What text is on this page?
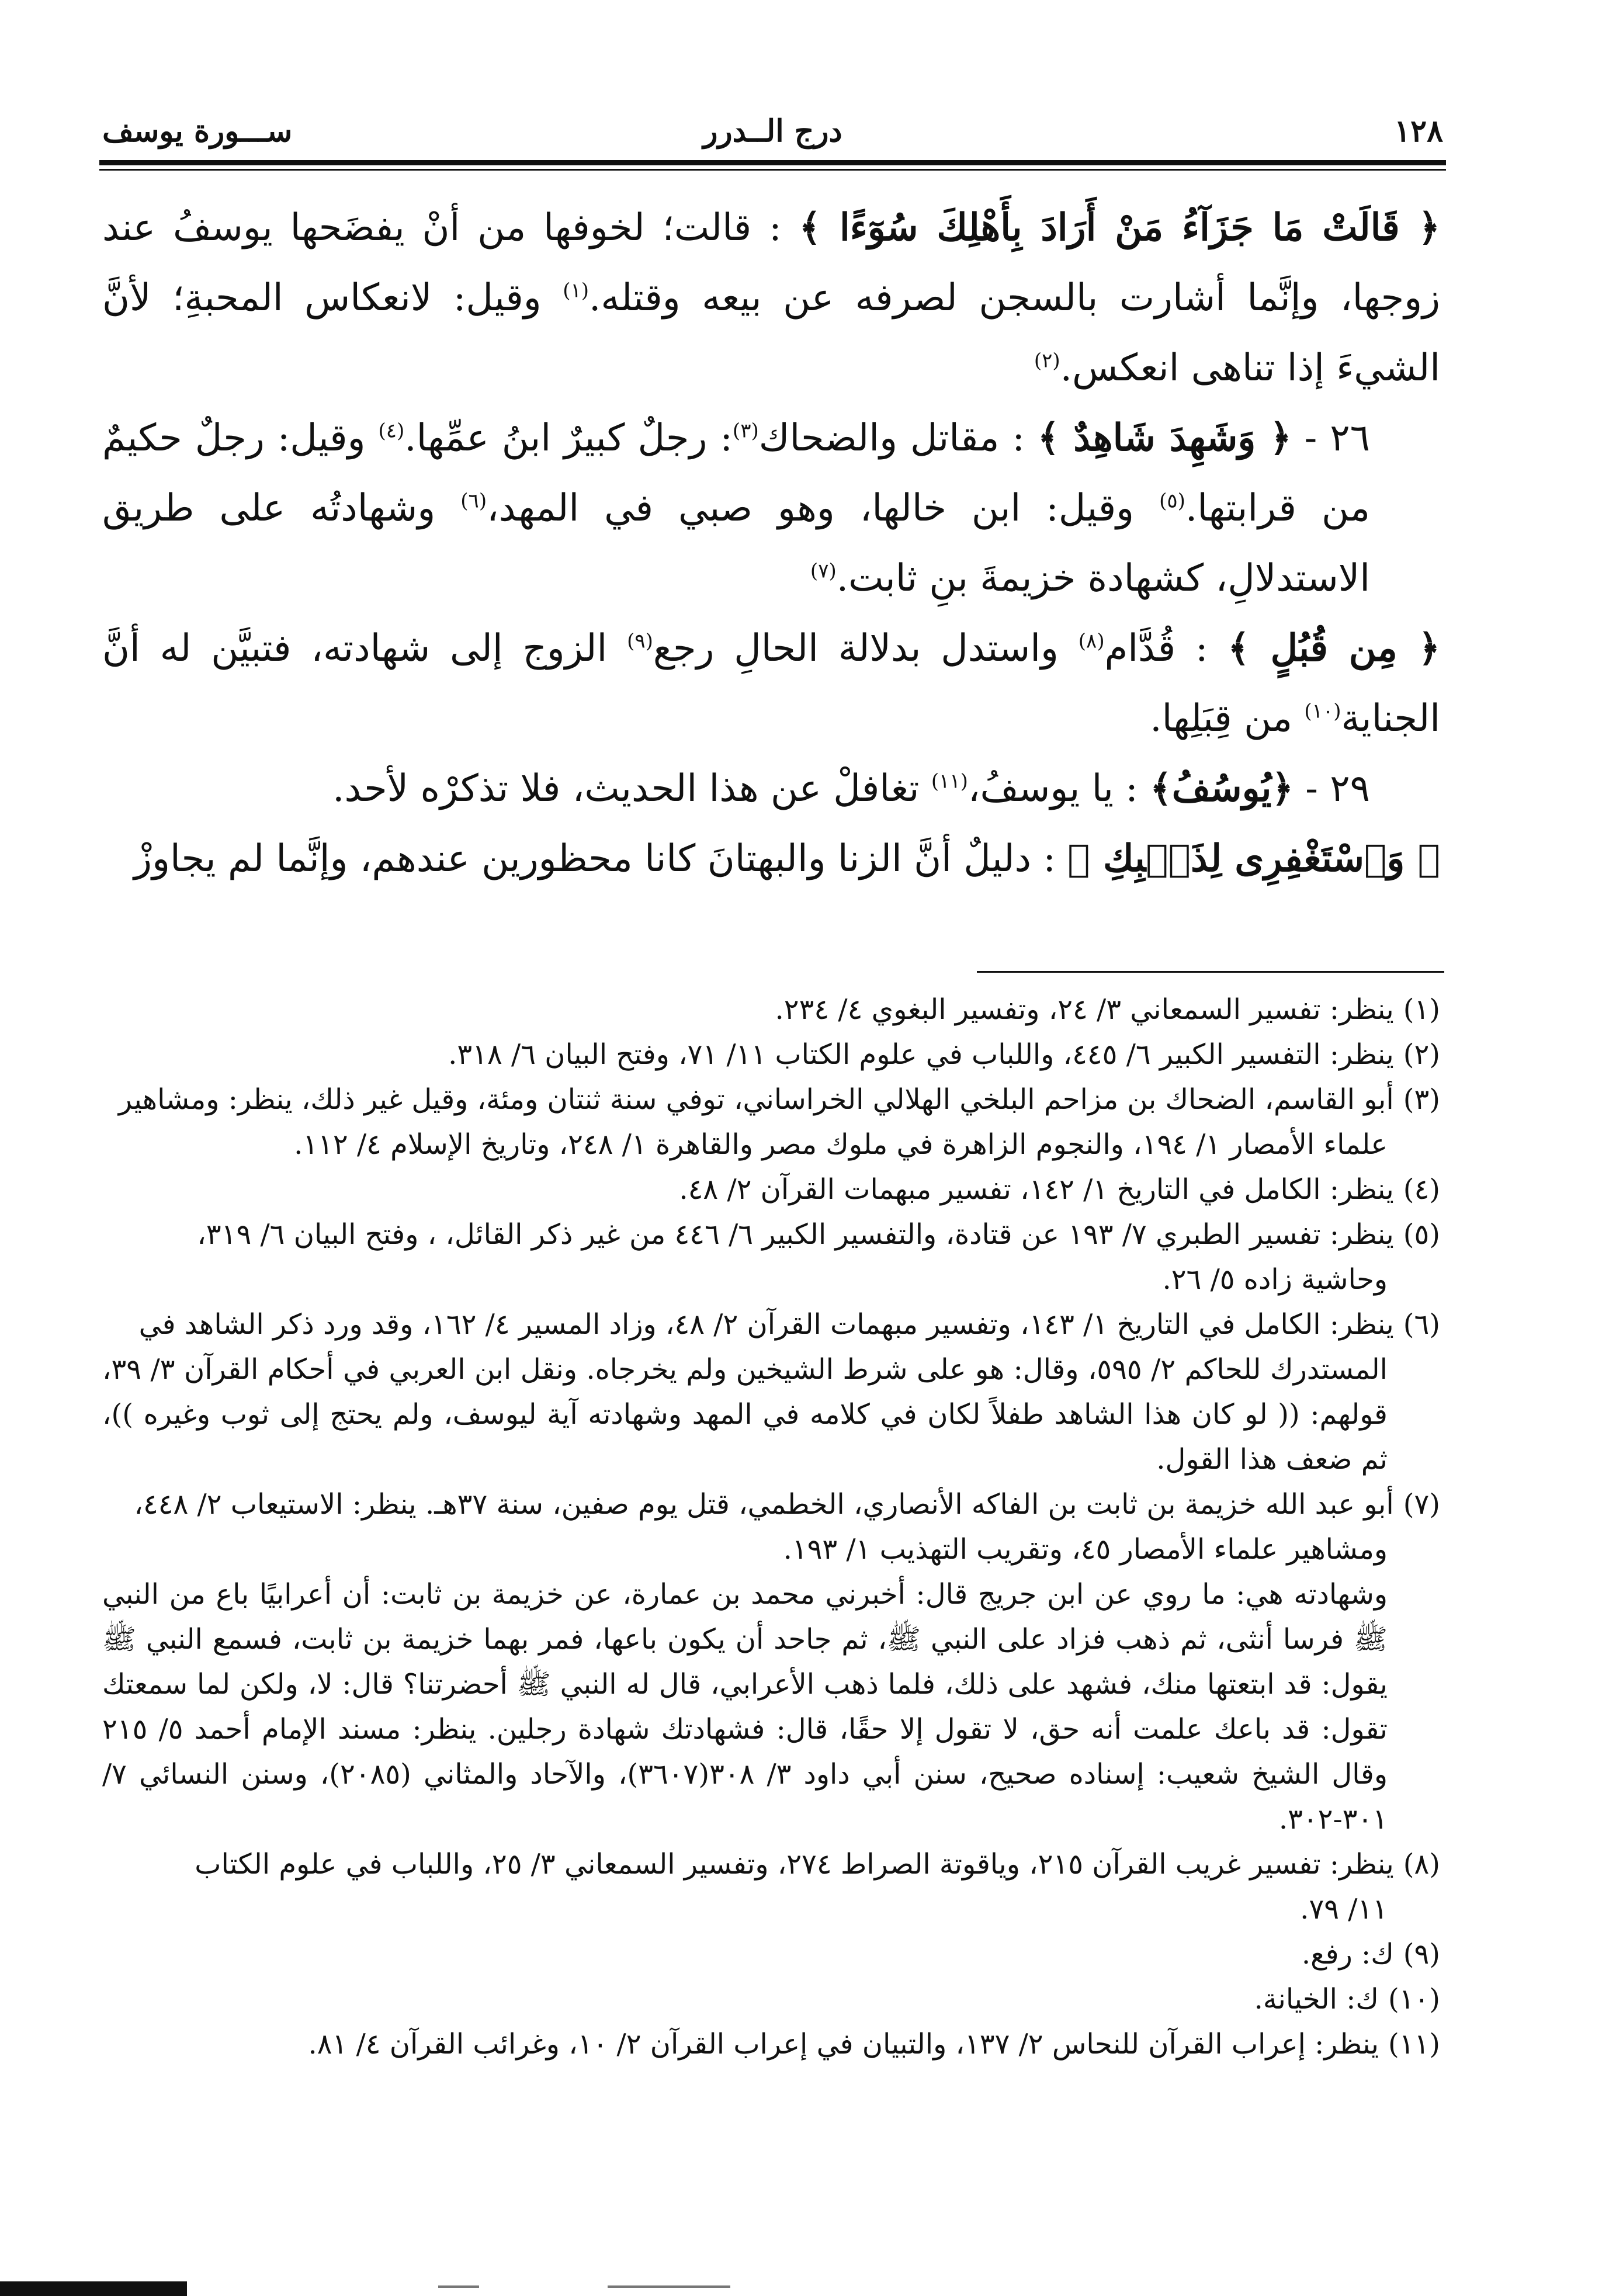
١٢٨
درج الــدرر
ســـورة يوسف

﴿ قَالَتْ مَا جَزَآءُ مَنْ أَرَادَ بِأَهْلِكَ سُوٓءًا ﴾ : قالت؛ لخوفها من أنْ يفضَحها يوسفُ عند زوجها، وإنَّما أشارت بالسجن لصرفه عن بيعه وقتله.$^{(١)}$ وقيل: لانعكاس المحبةِ؛ لأنَّ الشيءَ إذا تناهى انعكس.$^{(٢)}$

٢٦ - ﴿ وَشَهِدَ شَاهِدٌ ﴾ : مقاتل والضحاك$^{(٣)}$: رجلٌ كبيرٌ ابنُ عمِّها.$^{(٤)}$ وقيل: رجلٌ حكيمٌ من قرابتها.$^{(٥)}$ وقيل: ابن خالها، وهو صبي في المهد،$^{(٦)}$ وشهادتُه على طريق الاستدلالِ، كشهادة خزيمةَ بنِ ثابت.$^{(٧)}$

﴿ مِن قُبُلٍ ﴾ : قُدَّام$^{(٨)}$ واستدل بدلالة الحالِ رجع$^{(٩)}$ الزوج إلى شهادته، فتبيَّن له أنَّ الجناية$^{(١٠)}$ من قِبَلِها.

٢٩ - ﴿يُوسُفُ﴾ : يا يوسفُ،$^{(١١)}$ تغافلْ عن هذا الحديث، فلا تذكرْه لأحد.

﴿ وَٱسْتَغْفِرِى لِذَنۢبِكِ ﴾ : دليلٌ أنَّ الزنا والبهتانَ كانا محظورين عندهم، وإنَّما لم يجاوزْ

(١)ينظر: تفسير السمعاني ٣/ ٢٤، وتفسير البغوي ٤/ ٢٣٤.

(٢)ينظر: التفسير الكبير ٦/ ٤٤٥، واللباب في علوم الكتاب ١١/ ٧١، وفتح البيان ٦/ ٣١٨.

(٣)أبو القاسم، الضحاك بن مزاحم البلخي الهلالي الخراساني، توفي سنة ثنتان ومئة، وقيل غير ذلك، ينظر: ومشاهير
علماء الأمصار ١/ ١٩٤، والنجوم الزاهرة في ملوك مصر والقاهرة ١/ ٢٤٨، وتاريخ الإسلام ٤/ ١١٢.

(٤)ينظر: الكامل في التاريخ ١/ ١٤٢، تفسير مبهمات القرآن ٢/ ٤٨.

(٥)ينظر: تفسير الطبري ٧/ ١٩٣ عن قتادة، والتفسير الكبير ٦/ ٤٤٦ من غير ذكر القائل، ، وفتح البيان ٦/ ٣١٩،
وحاشية زاده ٥/ ٢٦.

(٦)ينظر: الكامل في التاريخ ١/ ١٤٣، وتفسير مبهمات القرآن ٢/ ٤٨، وزاد المسير ٤/ ١٦٢، وقد ورد ذكر الشاهد في
المستدرك للحاكم ٢/ ٥٩٥، وقال: هو على شرط الشيخين ولم يخرجاه. ونقل ابن العربي في أحكام القرآن ٣/ ٣٩، قولهم: (( لو كان هذا الشاهد طفلاً لكان في كلامه في المهد وشهادته آية ليوسف، ولم يحتج إلى ثوب وغيره ))، ثم ضعف هذا القول.

(٧)أبو عبد الله خزيمة بن ثابت بن الفاكه الأنصاري، الخطمي، قتل يوم صفين، سنة ٣٧هـ. ينظر: الاستيعاب ٢/ ٤٤٨،
ومشاهير علماء الأمصار ٤٥، وتقريب التهذيب ١/ ١٩٣.

وشهادته هي: ما روي عن ابن جريج قال: أخبرني محمد بن عمارة، عن خزيمة بن ثابت: أن أعرابيًا باع من النبي ﷺ فرسا أنثى، ثم ذهب فزاد على النبي ﷺ، ثم جاحد أن يكون باعها، فمر بهما خزيمة بن ثابت، فسمع النبي ﷺ يقول: قد ابتعتها منك، فشهد على ذلك، فلما ذهب الأعرابي، قال له النبي ﷺ أحضرتنا؟ قال: لا، ولكن لما سمعتك تقول: قد باعك علمت أنه حق، لا تقول إلا حقًا، قال: فشهادتك شهادة رجلين. ينظر: مسند الإمام أحمد ٥/ ٢١٥ وقال الشيخ شعيب: إسناده صحيح، سنن أبي داود ٣/ ٣٠٨(٣٦٠٧)، والآحاد والمثاني (٢٠٨٥)، وسنن النسائي ٧/ ٣٠١-٣٠٢.

(٨)ينظر: تفسير غريب القرآن ٢١٥، وياقوتة الصراط ٢٧٤، وتفسير السمعاني ٣/ ٢٥، واللباب في علوم الكتاب
١١/ ٧٩.

(٩)ك: رفع.

(١٠)ك: الخيانة.

(١١)ينظر: إعراب القرآن للنحاس ٢/ ١٣٧، والتبيان في إعراب القرآن ٢/ ١٠، وغرائب القرآن ٤/ ٨١.
